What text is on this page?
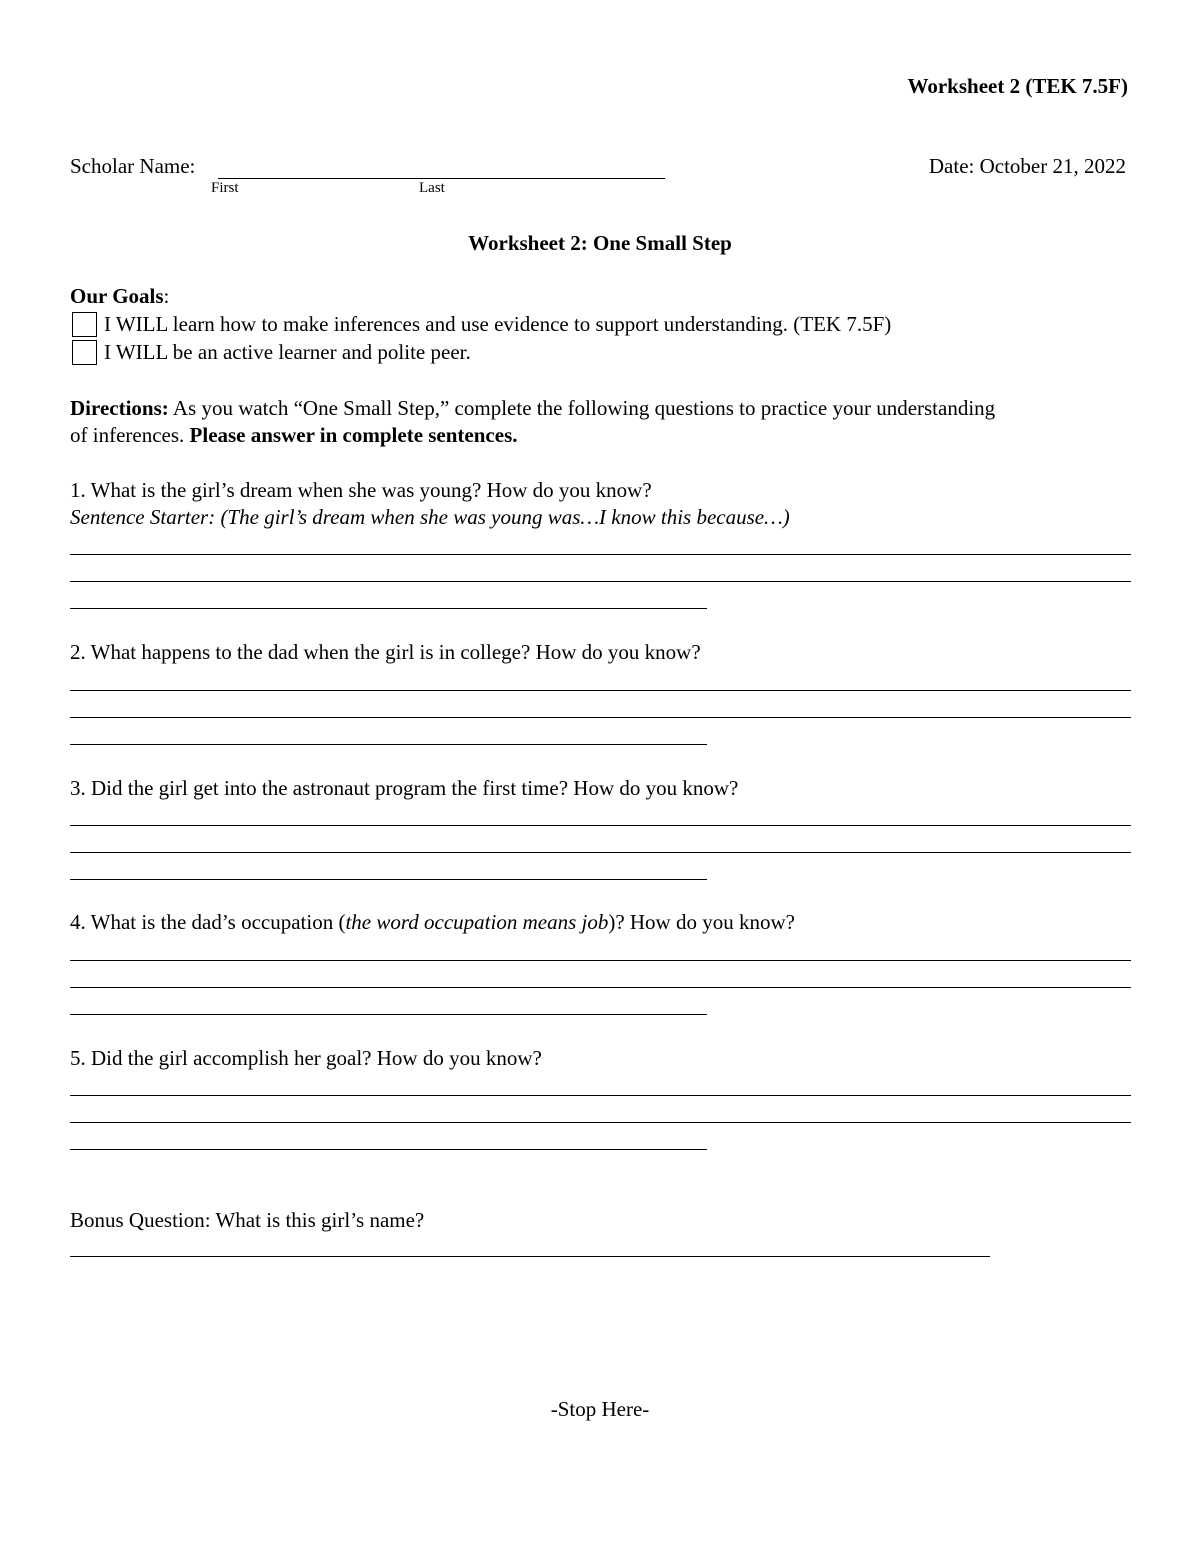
Worksheet 2 (TEK 7.5F)
Scholar Name:
First	Last
Date: October 21, 2022
Worksheet 2: One Small Step
Our Goals:
I WILL learn how to make inferences and use evidence to support understanding. (TEK 7.5F)
I WILL be an active learner and polite peer.
Directions: As you watch “One Small Step,” complete the following questions to practice your understanding
of inferences. Please answer in complete sentences.
1. What is the girl’s dream when she was young? How do you know?
Sentence Starter: (The girl’s dream when she was young was…I know this because…)
2. What happens to the dad when the girl is in college? How do you know?
3. Did the girl get into the astronaut program the first time? How do you know?
4. What is the dad’s occupation (the word occupation means job)? How do you know?
5. Did the girl accomplish her goal? How do you know?
Bonus Question: What is this girl’s name?
-Stop Here-
